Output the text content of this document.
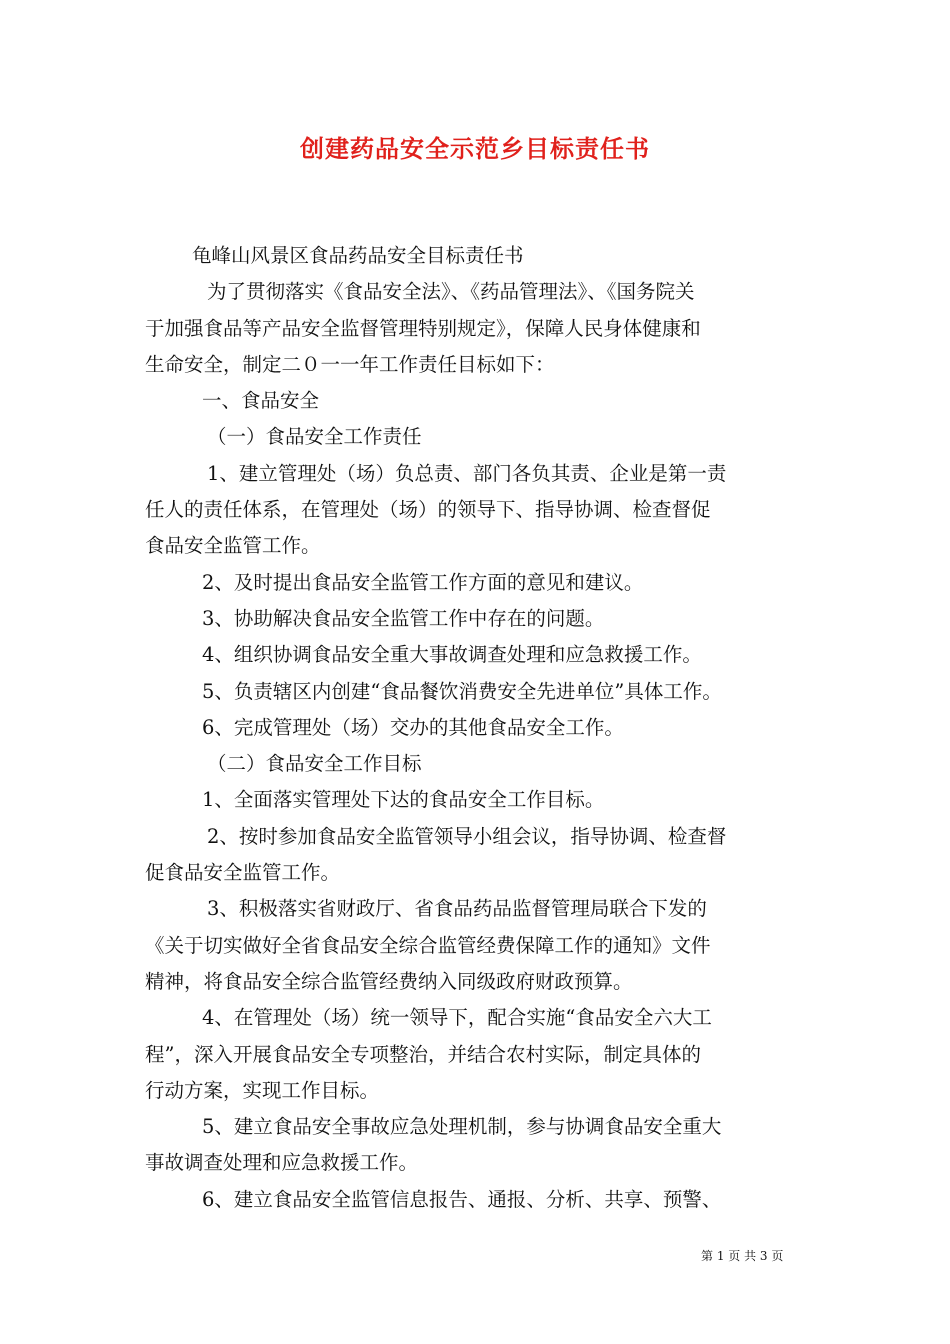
创建药品安全示范乡目标责任书

龟峰山风景区食品药品安全目标责任书

为了贯彻落实《食品安全法》、《药品管理法》、《国务院关

于加强食品等产品安全监督管理特别规定》，保障人民身体健康和

生命安全，制定二０一一年工作责任目标如下：

一、食品安全

（一）食品安全工作责任

1、建立管理处（场）负总责、部门各负其责、企业是第一责

任人的责任体系，在管理处（场）的领导下、指导协调、检查督促

食品安全监管工作。

2、及时提出食品安全监管工作方面的意见和建议。

3、协助解决食品安全监管工作中存在的问题。

4、组织协调食品安全重大事故调查处理和应急救援工作。

5、负责辖区内创建“食品餐饮消费安全先进单位”具体工作。

6、完成管理处（场）交办的其他食品安全工作。

（二）食品安全工作目标

1、全面落实管理处下达的食品安全工作目标。

2、按时参加食品安全监管领导小组会议，指导协调、检查督

促食品安全监管工作。

3、积极落实省财政厅、省食品药品监督管理局联合下发的

《关于切实做好全省食品安全综合监管经费保障工作的通知》文件

精神，将食品安全综合监管经费纳入同级政府财政预算。

4、在管理处（场）统一领导下，配合实施“食品安全六大工

程”，深入开展食品安全专项整治，并结合农村实际，制定具体的

行动方案，实现工作目标。

5、建立食品安全事故应急处理机制，参与协调食品安全重大

事故调查处理和应急救援工作。

6、建立食品安全监管信息报告、通报、分析、共享、预警、

第 1 页 共 3 页
